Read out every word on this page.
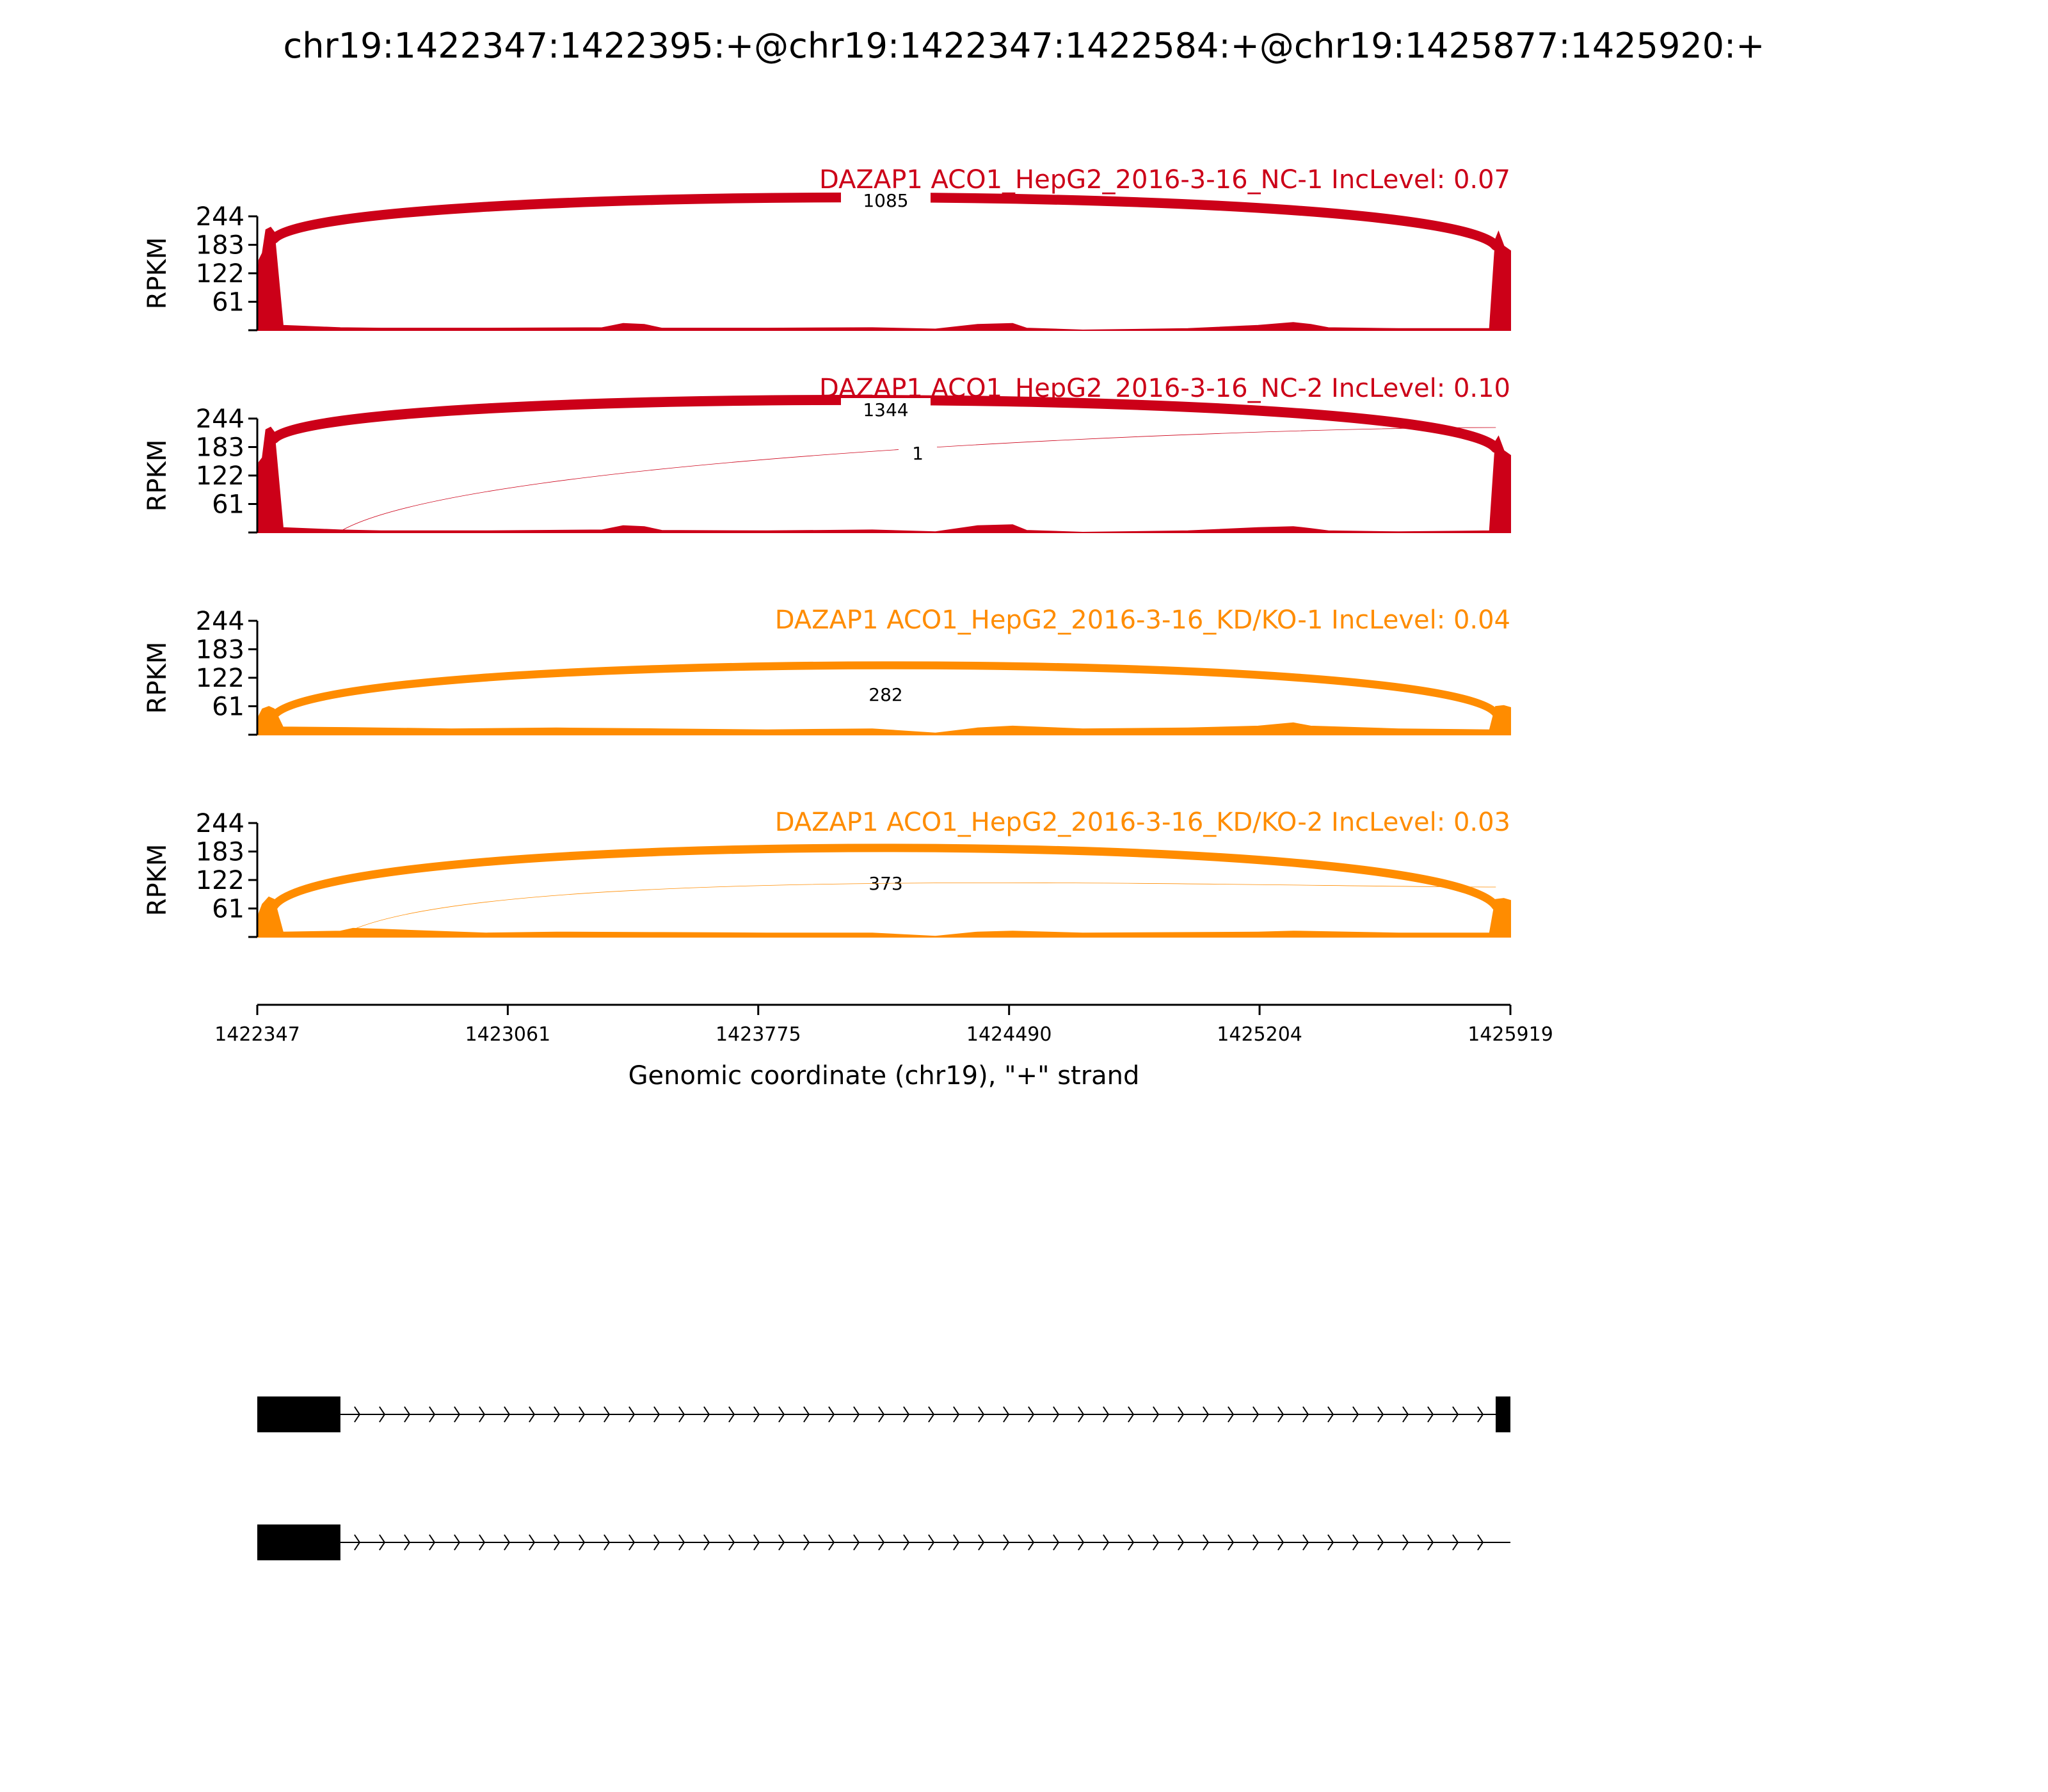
chr19:1422347:1422395:+@chr19:1422347:1422584:+@chr19:1425877:1425920:+
1085
61
122
183
244
RPKM
DAZAP1 ACO1_HepG2_2016-3-16_NC-1 IncLevel: 0.07
1344
1
61
122
183
244
RPKM
DAZAP1 ACO1_HepG2_2016-3-16_NC-2 IncLevel: 0.10
282
61
122
183
244
RPKM
DAZAP1 ACO1_HepG2_2016-3-16_KD/KO-1 IncLevel: 0.04
373
61
122
183
244
RPKM
DAZAP1 ACO1_HepG2_2016-3-16_KD/KO-2 IncLevel: 0.03
1422347	1423061	1423775	1424490	1425204	1425919
Genomic coordinate (chr19), "+" strand
